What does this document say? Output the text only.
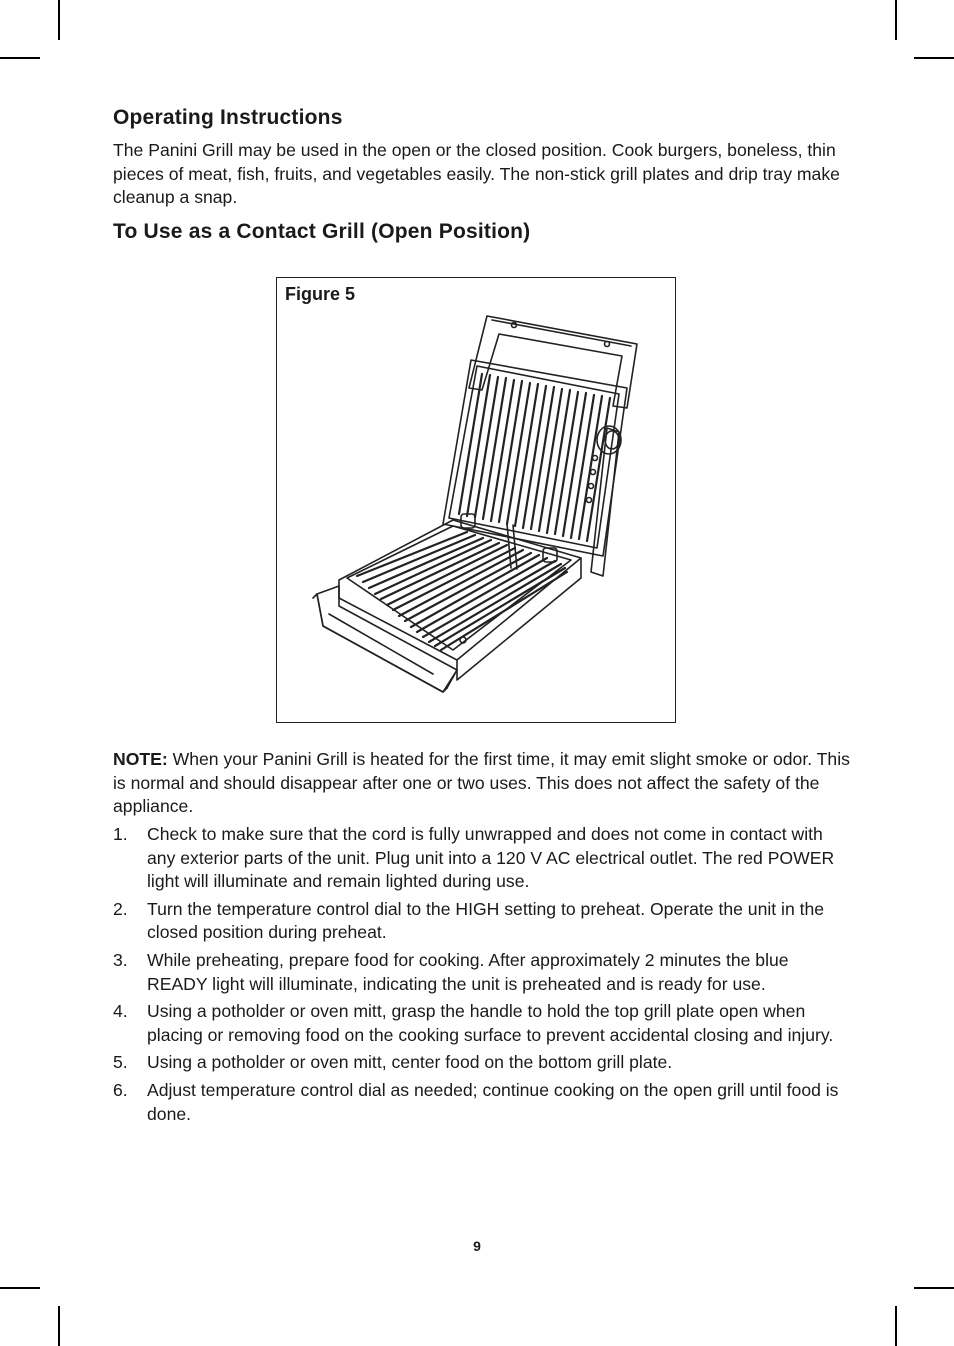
Operating Instructions
The Panini Grill may be used in the open or the closed position. Cook burgers, boneless, thin pieces of meat, fish, fruits, and vegetables easily. The non-stick grill plates and drip tray make cleanup a snap.
To Use as a Contact Grill (Open Position)
Figure 5
NOTE: When your Panini Grill is heated for the first time, it may emit slight smoke or odor. This is normal and should disappear after one or two uses. This does not affect the safety of the appliance.
1. Check to make sure that the cord is fully unwrapped and does not come in contact with any exterior parts of the unit. Plug unit into a 120 V AC electrical outlet. The red POWER light will illuminate and remain lighted during use.
2. Turn the temperature control dial to the HIGH setting to preheat. Operate the unit in the closed position during preheat.
3. While preheating, prepare food for cooking. After approximately 2 minutes the blue READY light will illuminate, indicating the unit is preheated and is ready for use.
4. Using a potholder or oven mitt, grasp the handle to hold the top grill plate open when placing or removing food on the cooking surface to prevent accidental closing and injury.
5. Using a potholder or oven mitt, center food on the bottom grill plate.
6. Adjust temperature control dial as needed; continue cooking on the open grill until food is done.
9
